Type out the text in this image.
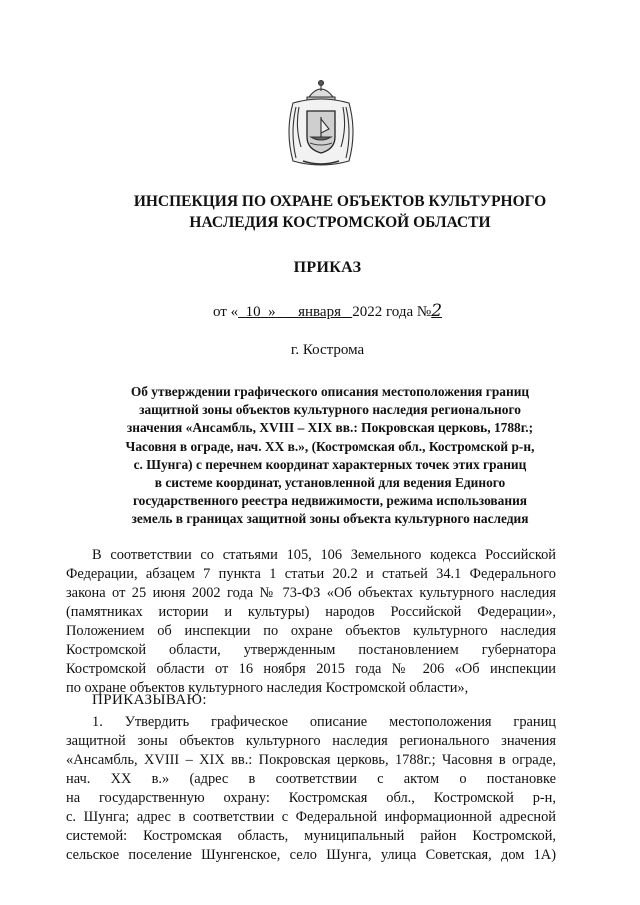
ИНСПЕКЦИЯ ПО ОХРАНЕ ОБЪЕКТОВ КУЛЬТУРНОГО
НАСЛЕДИЯ КОСТРОМСКОЙ ОБЛАСТИ
ПРИКАЗ
от « 10 » января 2022 года №2
г. Кострома
Об утверждении графического описания местоположения границ
защитной зоны объектов культурного наследия регионального
значения «Ансамбль, XVIII – XIX вв.: Покровская церковь, 1788г.;
Часовня в ограде, нач. XX в.», (Костромская обл., Костромской р-н,
с. Шунга) с перечнем координат характерных точек этих границ
в системе координат, установленной для ведения Единого
государственного реестра недвижимости, режима использования
земель в границах защитной зоны объекта культурного наследия
В соответствии со статьями 105, 106 Земельного кодекса Российской
Федерации, абзацем 7 пункта 1 статьи 20.2 и статьей 34.1 Федерального
закона от 25 июня 2002 года № 73-ФЗ «Об объектах культурного наследия
(памятниках истории и культуры) народов Российской Федерации»,
Положением об инспекции по охране объектов культурного наследия
Костромской области, утвержденным постановлением губернатора
Костромской области от 16 ноября 2015 года № 206 «Об инспекции
по охране объектов культурного наследия Костромской области»,
ПРИКАЗЫВАЮ:
1. Утвердить графическое описание местоположения границ
защитной зоны объектов культурного наследия регионального значения
«Ансамбль, XVIII – XIX вв.: Покровская церковь, 1788г.; Часовня в ограде,
нач. XX в.» (адрес в соответствии с актом о постановке
на государственную охрану: Костромская обл., Костромской р-н,
с. Шунга; адрес в соответствии с Федеральной информационной адресной
системой: Костромская область, муниципальный район Костромской,
сельское поселение Шунгенское, село Шунга, улица Советская, дом 1А)
